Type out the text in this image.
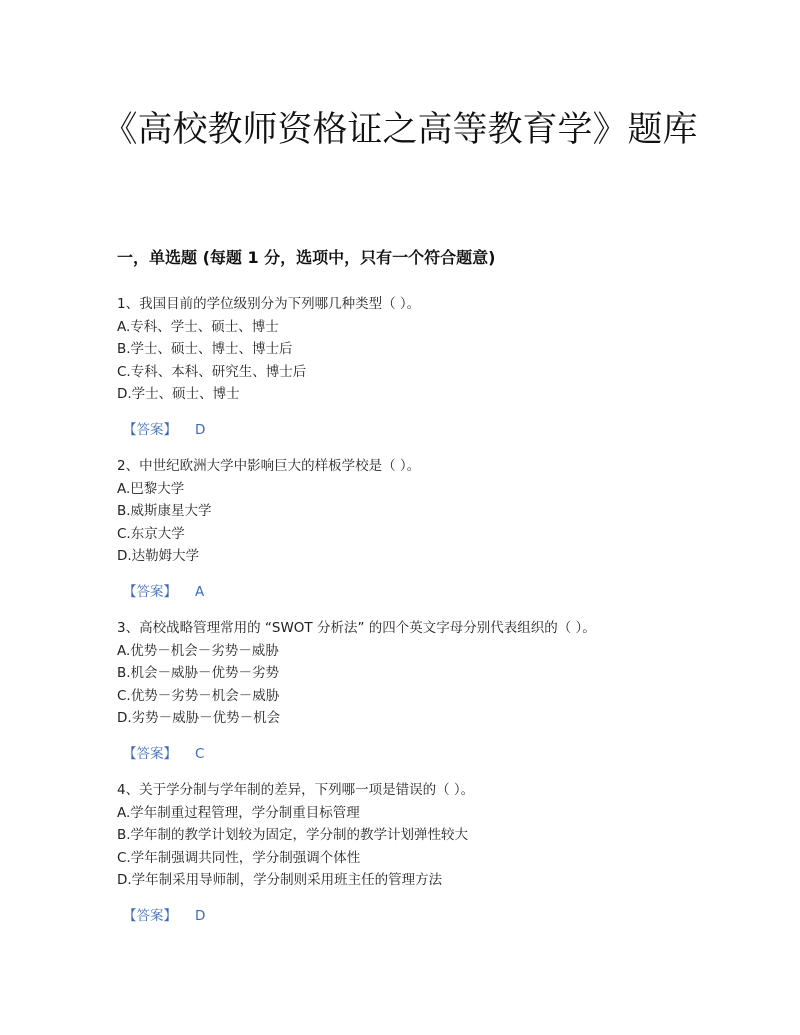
《高校教师资格证之高等教育学》题库
一，单选题 (每题 1 分，选项中，只有一个符合题意)
1、我国目前的学位级别分为下列哪几种类型（ ）。
A.专科、学士、硕士、博士
B.学士、硕士、博士、博士后
C.专科、本科、研究生、博士后
D.学士、硕士、博士
【答案】 D
2、中世纪欧洲大学中影响巨大的样板学校是（ ）。
A.巴黎大学
B.威斯康星大学
C.东京大学
D.达勒姆大学
【答案】 A
3、高校战略管理常用的 “SWOT 分析法” 的四个英文字母分别代表组织的（ ）。
A.优势－机会－劣势－威胁
B.机会－威胁－优势－劣势
C.优势－劣势－机会－威胁
D.劣势－威胁－优势－机会
【答案】 C
4、关于学分制与学年制的差异，下列哪一项是错误的（ ）。
A.学年制重过程管理，学分制重目标管理
B.学年制的教学计划较为固定，学分制的教学计划弹性较大
C.学年制强调共同性，学分制强调个体性
D.学年制采用导师制，学分制则采用班主任的管理方法
【答案】 D
